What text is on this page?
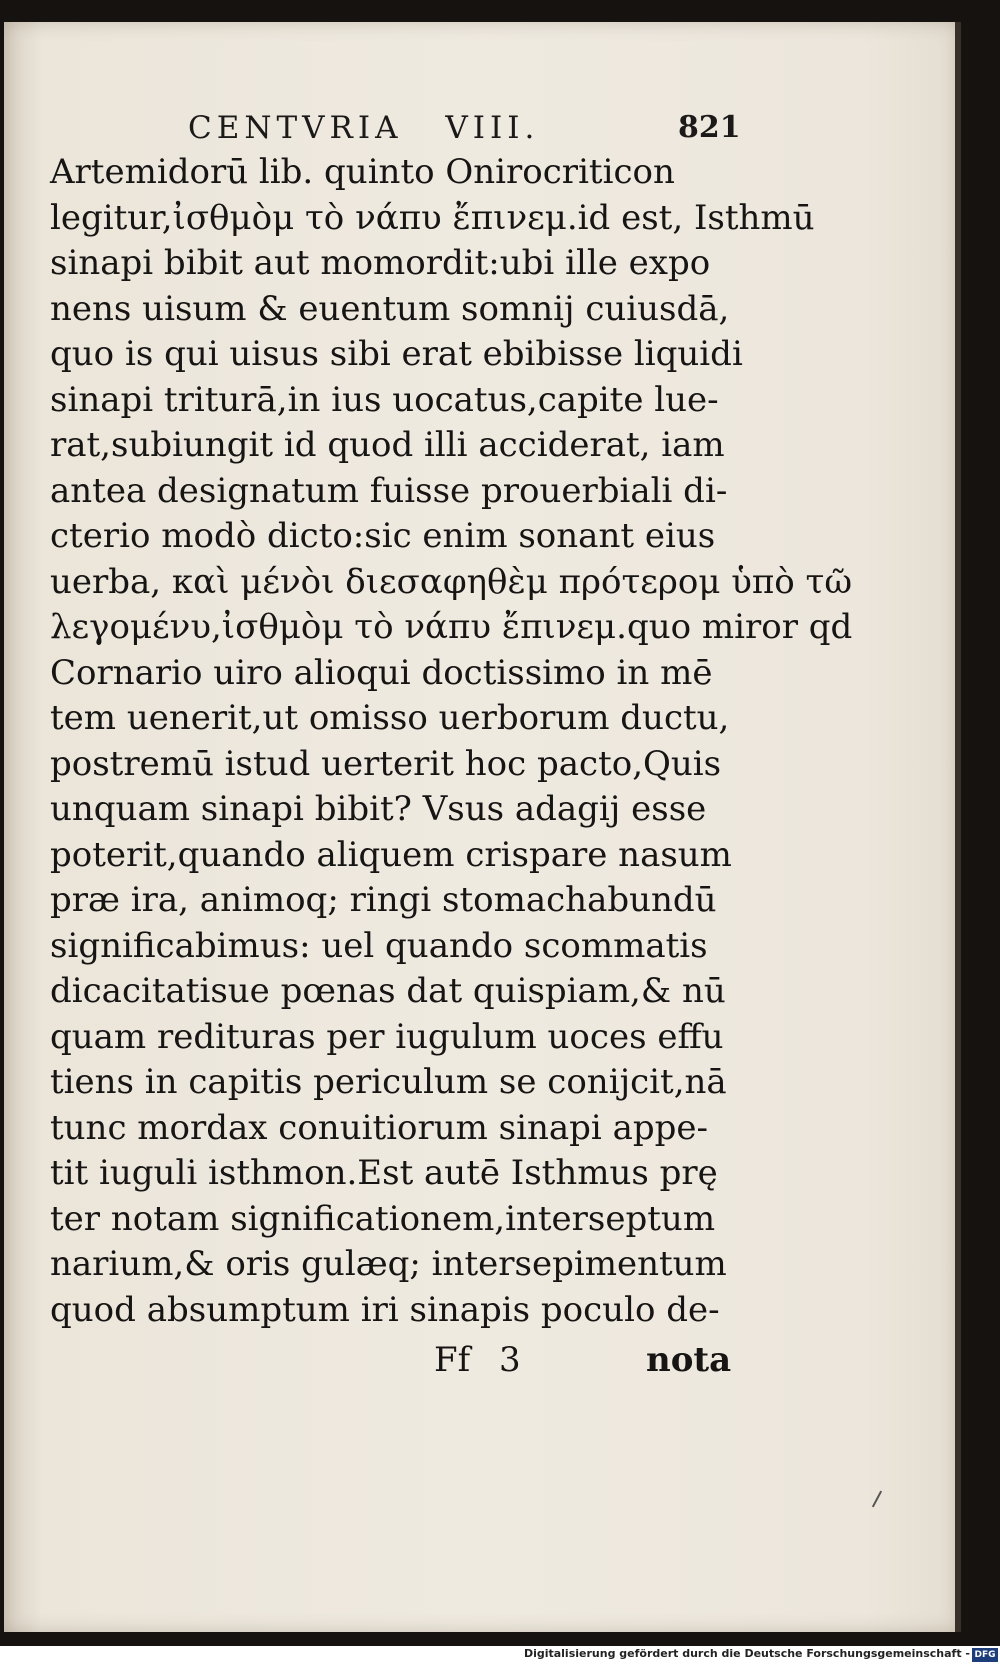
CENTVRIA VIII.	821
Artemidorū lib. quinto Onirocriticon
legitur,ἰσθμὸμ τὸ νάπυ ἔπινεμ.id est, Isthmū
sinapi bibit aut momordit:ubi ille expo
nens uisum & euentum somnij cuiusdā,
quo is qui uisus sibi erat ebibisse liquidi
sinapi triturā,in ius uocatus,capite lue-
rat,subiungit id quod illi acciderat, iam
antea designatum fuisse prouerbiali di-
cterio modò dicto:sic enim sonant eius
uerba, καὶ μένὸι διεσαφηθὲμ πρότερομ ὑπὸ τῶ
λεγομένυ,ἰσθμὸμ τὸ νάπυ ἔπινεμ.quo miror qd
Cornario uiro alioqui doctissimo in mē
tem uenerit,ut omisso uerborum ductu,
postremū istud uerterit hoc pacto,Quis
unquam sinapi bibit? Vsus adagij esse
poterit,quando aliquem crispare nasum
præ ira, animoq; ringi stomachabundū
significabimus: uel quando scommatis
dicacitatisue pœnas dat quispiam,& nū
quam redituras per iugulum uoces effu
tiens in capitis periculum se conijcit,nā
tunc mordax conuitiorum sinapi appe-
tit iuguli isthmon.Est autē Isthmus prę
ter notam significationem,interseptum
narium,& oris gulæq; intersepimentum
quod absumptum iri sinapis poculo de-
Ff 3	nota
Digitalisierung gefördert durch die Deutsche Forschungsgemeinschaft - DFG
